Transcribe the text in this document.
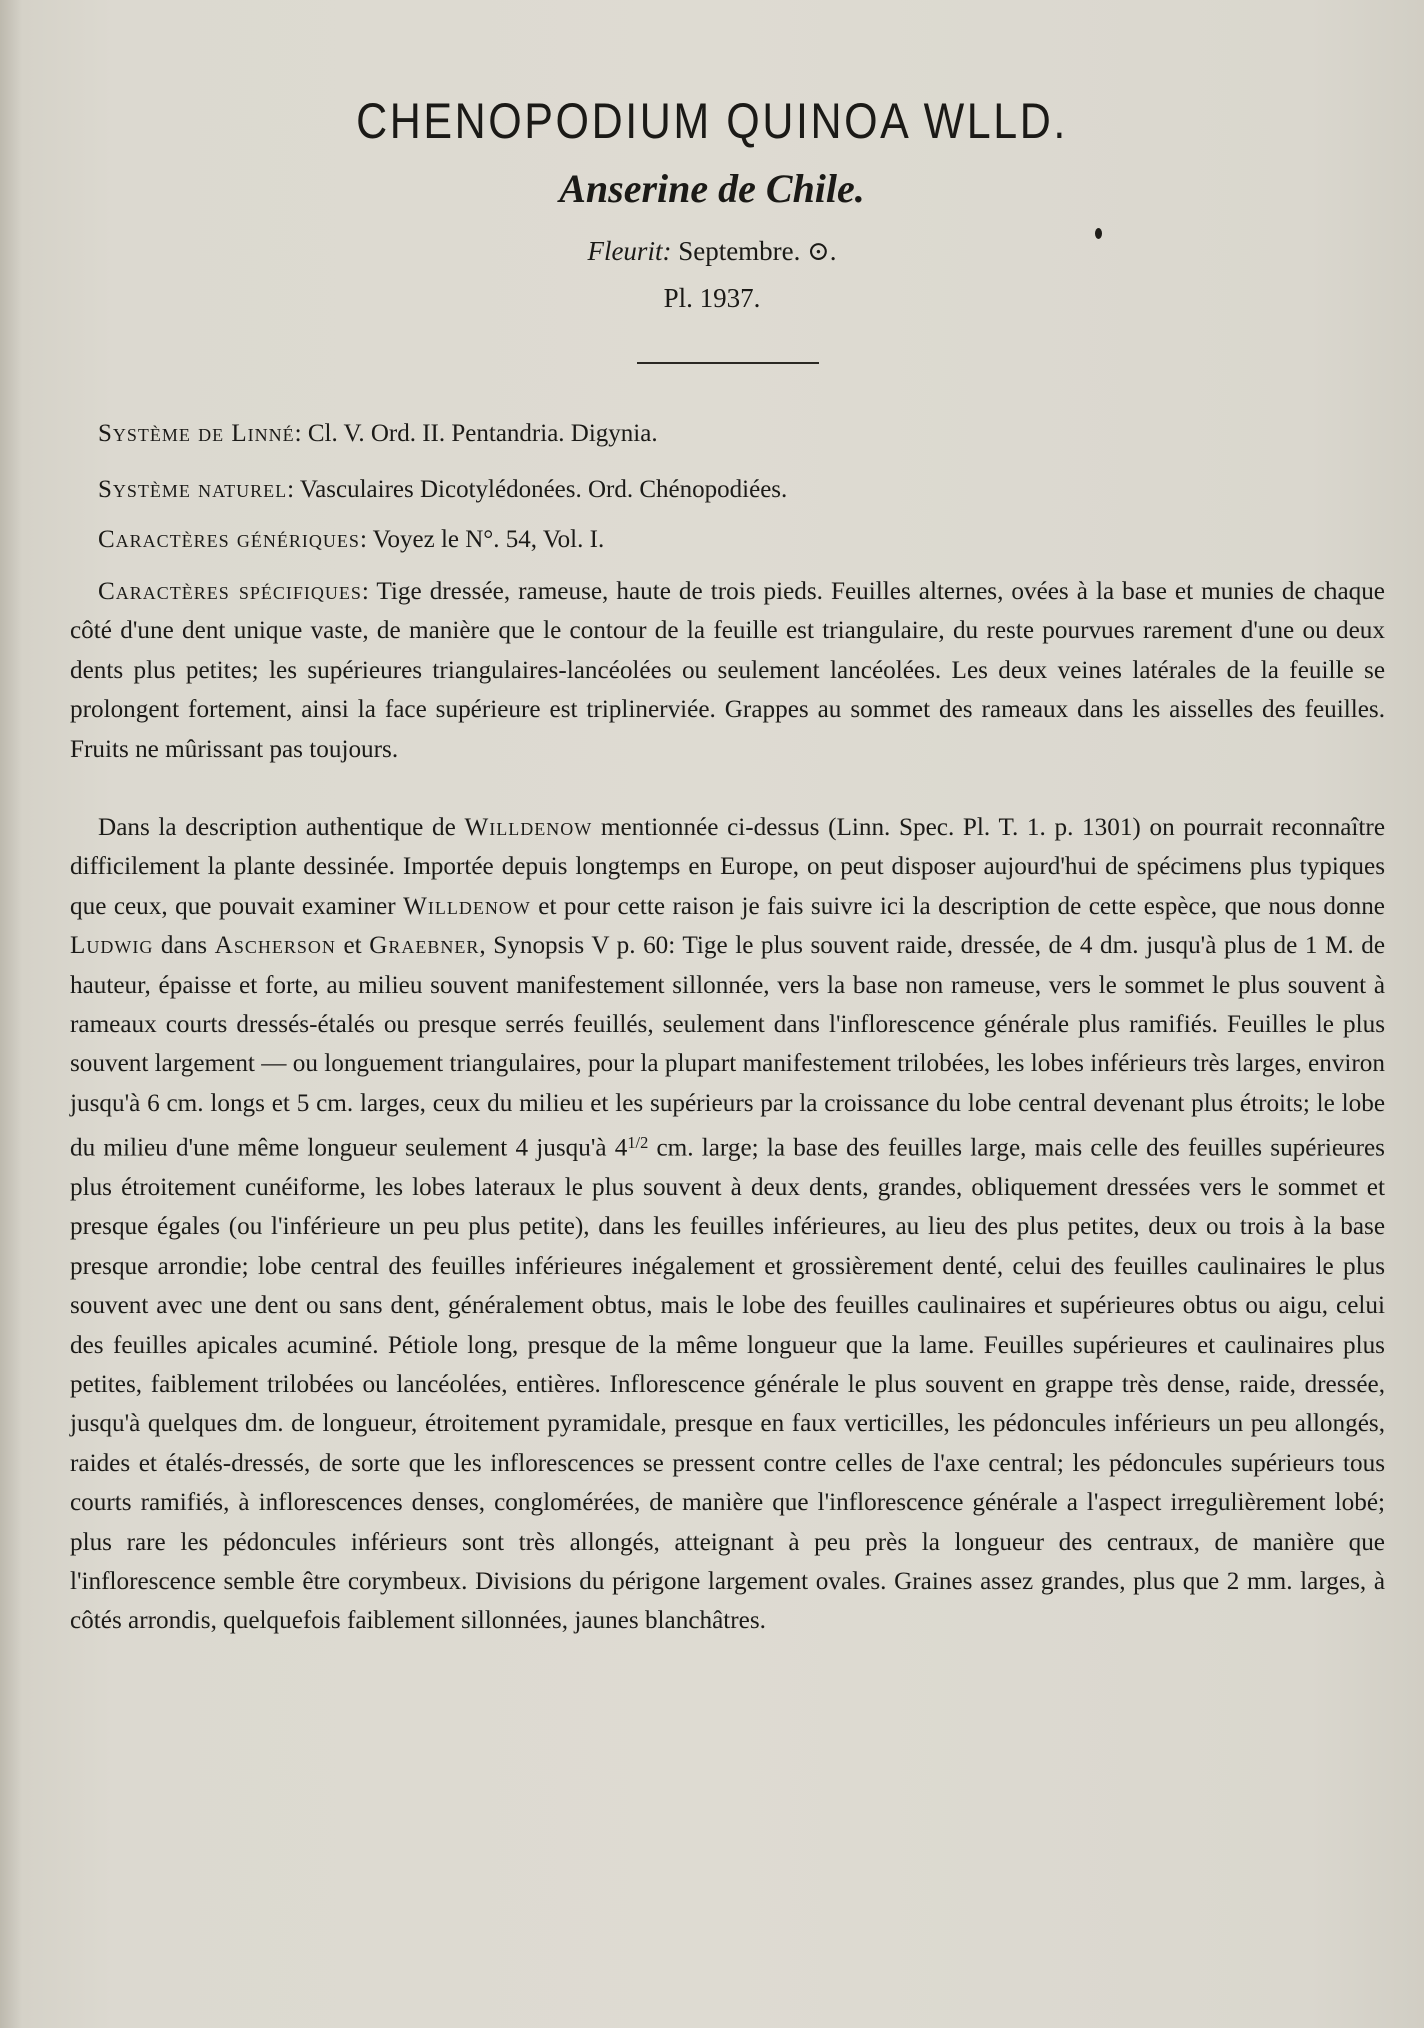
CHENOPODIUM QUINOA WLLD.
Anserine de Chile.

Fleurit: Septembre. ⊙.

Pl. 1937.

Système de Linné: Cl. V. Ord. II. Pentandria. Digynia.

Système naturel: Vasculaires Dicotylédonées. Ord. Chénopodiées.

Caractères génériques: Voyez le N°. 54, Vol. I.

Caractères spécifiques: Tige dressée, rameuse, haute de trois pieds. Feuilles alternes, ovées à la base et munies de chaque côté d'une dent unique vaste, de manière que le contour de la feuille est triangulaire, du reste pourvues rarement d'une ou deux dents plus petites; les supérieures triangulaires-lancéolées ou seulement lancéolées. Les deux veines latérales de la feuille se prolongent fortement, ainsi la face supérieure est triplinerviée. Grappes au sommet des rameaux dans les aisselles des feuilles. Fruits ne mûrissant pas toujours.

Dans la description authentique de Willdenow mentionnée ci-dessus (Linn. Spec. Pl. T. 1. p. 1301) on pourrait reconnaître difficilement la plante dessinée. Importée depuis longtemps en Europe, on peut disposer aujourd'hui de spécimens plus typiques que ceux, que pouvait examiner Willdenow et pour cette raison je fais suivre ici la description de cette espèce, que nous donne Ludwig dans Ascherson et Graebner, Synopsis V p. 60: Tige le plus souvent raide, dressée, de 4 dm. jusqu'à plus de 1 M. de hauteur, épaisse et forte, au milieu souvent manifestement sillonnée, vers la base non rameuse, vers le sommet le plus souvent à rameaux courts dressés-étalés ou presque serrés feuillés, seulement dans l'inflorescence générale plus ramifiés. Feuilles le plus souvent largement — ou longuement triangulaires, pour la plupart manifestement trilobées, les lobes inférieurs très larges, environ jusqu'à 6 cm. longs et 5 cm. larges, ceux du milieu et les supérieurs par la croissance du lobe central devenant plus étroits; le lobe du milieu d'une même longueur seulement 4 jusqu'à $4^{1/2}$ cm. large; la base des feuilles large, mais celle des feuilles supérieures plus étroitement cunéiforme, les lobes lateraux le plus souvent à deux dents, grandes, obliquement dressées vers le sommet et presque égales (ou l'inférieure un peu plus petite), dans les feuilles inférieures, au lieu des plus petites, deux ou trois à la base presque arrondie; lobe central des feuilles inférieures inégalement et grossièrement denté, celui des feuilles caulinaires le plus souvent avec une dent ou sans dent, généralement obtus, mais le lobe des feuilles caulinaires et supérieures obtus ou aigu, celui des feuilles apicales acuminé. Pétiole long, presque de la même longueur que la lame. Feuilles supérieures et caulinaires plus petites, faiblement trilobées ou lancéolées, entières. Inflorescence générale le plus souvent en grappe très dense, raide, dressée, jusqu'à quelques dm. de longueur, étroitement pyramidale, presque en faux verticilles, les pédoncules inférieurs un peu allongés, raides et étalés-dressés, de sorte que les inflorescences se pressent contre celles de l'axe central; les pédoncules supérieurs tous courts ramifiés, à inflorescences denses, conglomérées, de manière que l'inflorescence générale a l'aspect irregulièrement lobé; plus rare les pédoncules inférieurs sont très allongés, atteignant à peu près la longueur des centraux, de manière que l'inflorescence semble être corymbeux. Divisions du périgone largement ovales. Graines assez grandes, plus que 2 mm. larges, à côtés arrondis, quelquefois faiblement sillonnées, jaunes blanchâtres.
